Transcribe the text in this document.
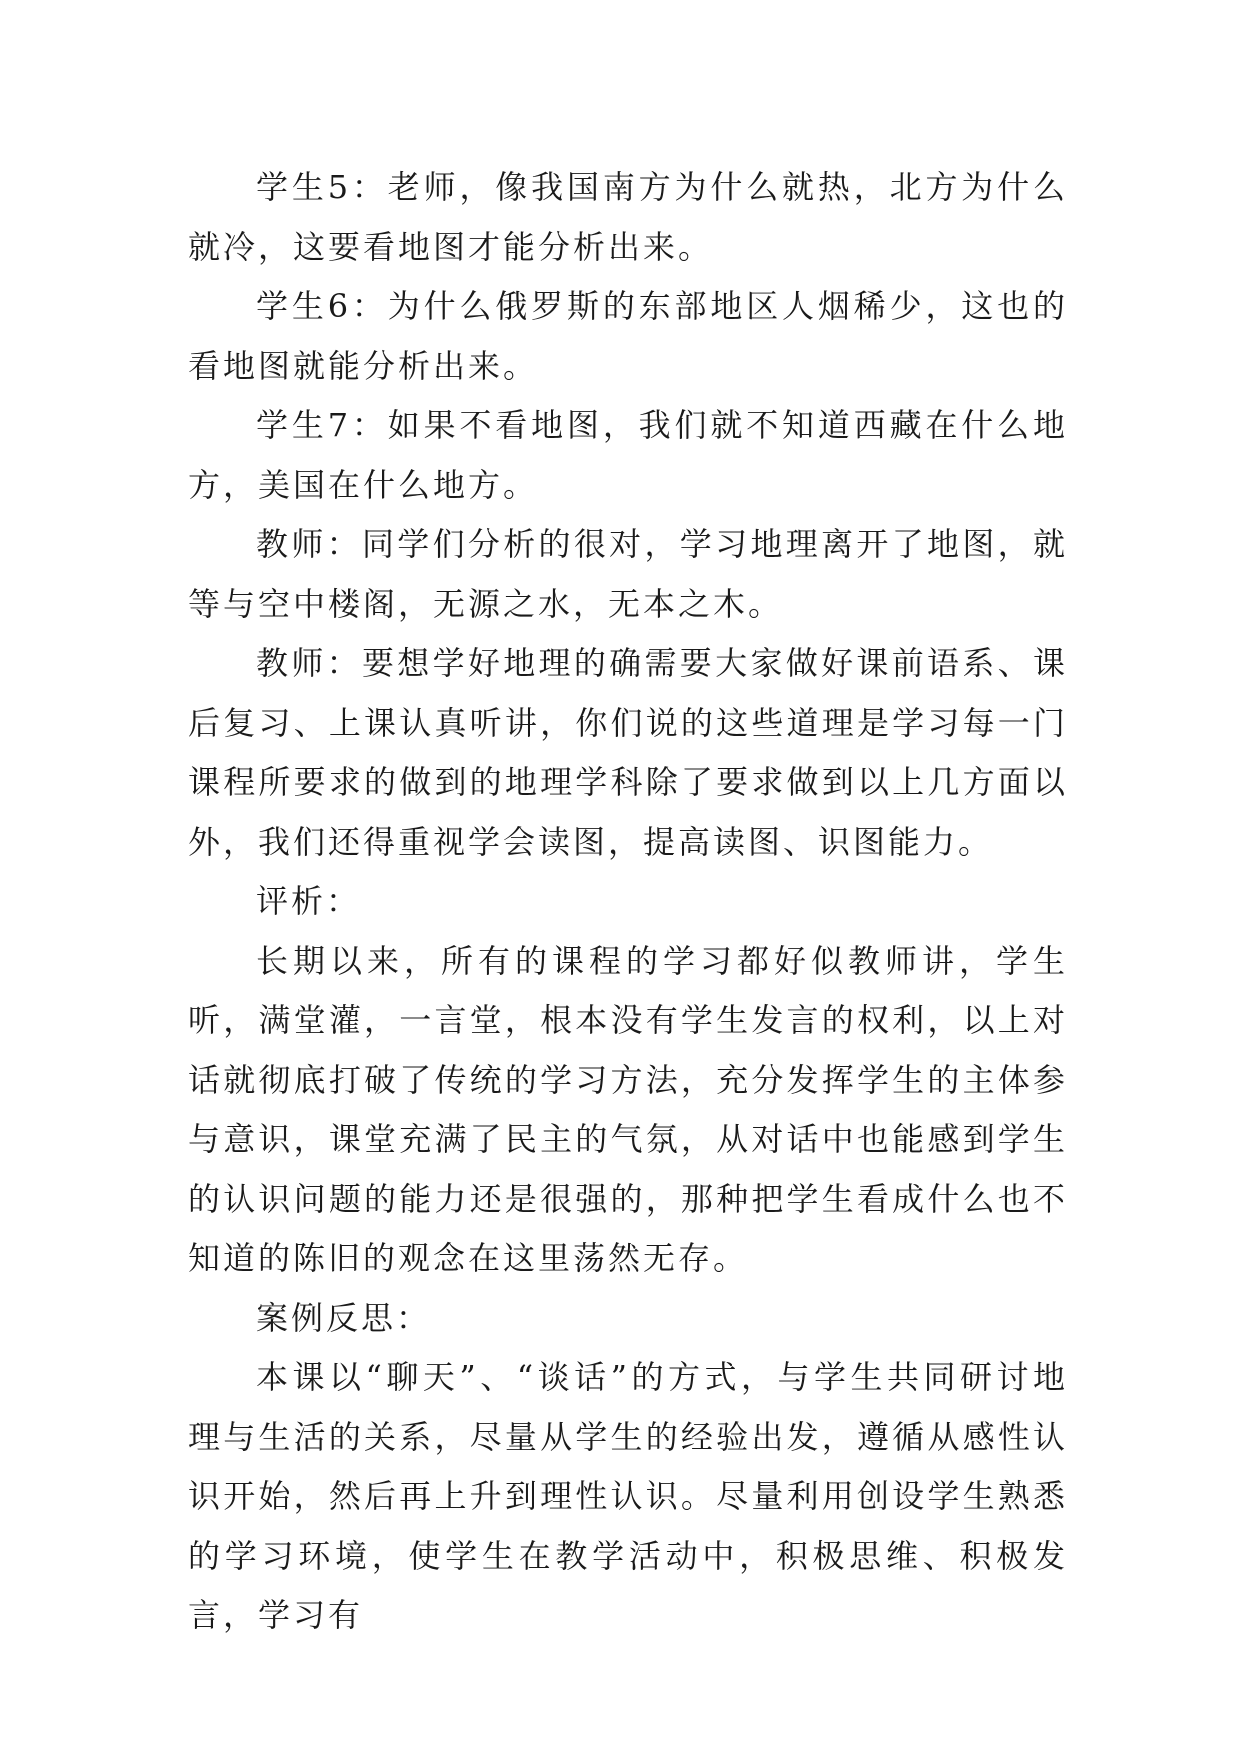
学生5：老师，像我国南方为什么就热，北方为什么就冷，这要看地图才能分析出来。

学生6：为什么俄罗斯的东部地区人烟稀少，这也的看地图就能分析出来。

学生7：如果不看地图，我们就不知道西藏在什么地方，美国在什么地方。

教师：同学们分析的很对，学习地理离开了地图，就等与空中楼阁，无源之水，无本之木。

教师：要想学好地理的确需要大家做好课前语系、课后复习、上课认真听讲，你们说的这些道理是学习每一门课程所要求的做到的地理学科除了要求做到以上几方面以外，我们还得重视学会读图，提高读图、识图能力。

评析：

长期以来，所有的课程的学习都好似教师讲，学生听，满堂灌，一言堂，根本没有学生发言的权利，以上对话就彻底打破了传统的学习方法，充分发挥学生的主体参与意识，课堂充满了民主的气氛，从对话中也能感到学生的认识问题的能力还是很强的，那种把学生看成什么也不知道的陈旧的观念在这里荡然无存。

案例反思：

本课以“聊天”、“谈话”的方式，与学生共同研讨地理与生活的关系，尽量从学生的经验出发，遵循从感性认识开始，然后再上升到理性认识。尽量利用创设学生熟悉的学习环境，使学生在教学活动中，积极思维、积极发言，学习有
